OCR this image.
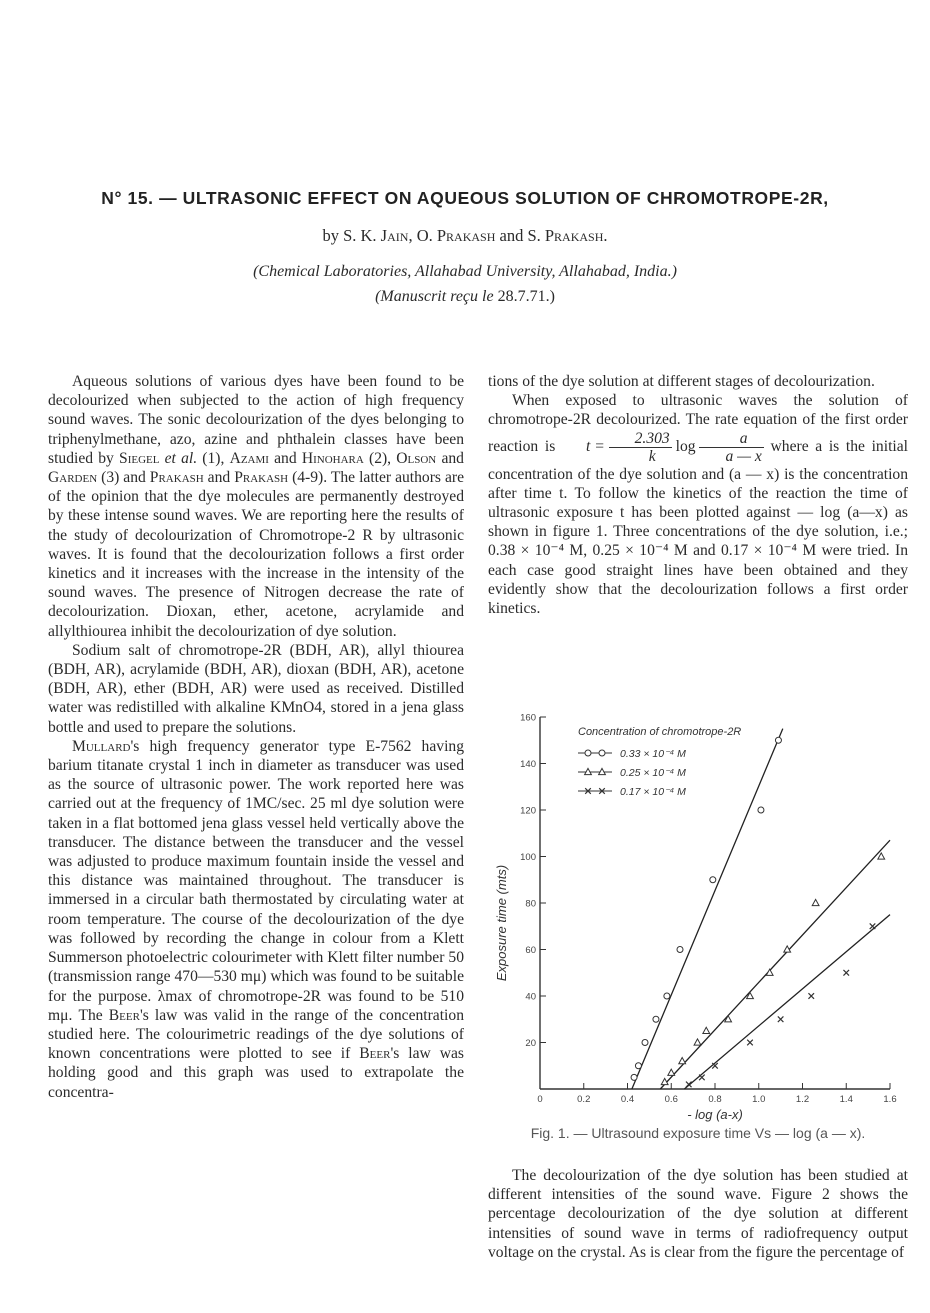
N° 15. — ULTRASONIC EFFECT ON AQUEOUS SOLUTION OF CHROMOTROPE-2R,
by S. K. Jain, O. Prakash and S. Prakash.
(Chemical Laboratories, Allahabad University, Allahabad, India.)
(Manuscrit reçu le 28.7.71.)

Aqueous solutions of various dyes have been found to be decolourized when subjected to the action of high frequency sound waves. The sonic decolourization of the dyes belonging to triphenylmethane, azo, azine and phthalein classes have been studied by Siegel et al. (1), Azami and Hinohara (2), Olson and Garden (3) and Prakash and Prakash (4-9). The latter authors are of the opinion that the dye molecules are permanently destroyed by these intense sound waves. We are reporting here the results of the study of decolourization of Chromotrope-2 R by ultrasonic waves. It is found that the decolourization follows a first order kinetics and it increases with the increase in the intensity of the sound waves. The presence of Nitrogen decrease the rate of decolourization. Dioxan, ether, acetone, acrylamide and allylthiourea inhibit the decolourization of dye solution.

Sodium salt of chromotrope-2R (BDH, AR), allyl thiourea (BDH, AR), acrylamide (BDH, AR), dioxan (BDH, AR), acetone (BDH, AR), ether (BDH, AR) were used as received. Distilled water was redistilled with alkaline KMnO4, stored in a jena glass bottle and used to prepare the solutions.

Mullard's high frequency generator type E-7562 having barium titanate crystal 1 inch in diameter as transducer was used as the source of ultrasonic power. The work reported here was carried out at the frequency of 1MC/sec. 25 ml dye solution were taken in a flat bottomed jena glass vessel held vertically above the transducer. The distance between the transducer and the vessel was adjusted to produce maximum fountain inside the vessel and this distance was maintained throughout. The transducer is immersed in a circular bath thermostated by circulating water at room temperature. The course of the decolourization of the dye was followed by recording the change in colour from a Klett Summerson photoelectric colourimeter with Klett filter number 50 (transmission range 470—530 mμ) which was found to be suitable for the purpose. λmax of chromotrope-2R was found to be 510 mμ. The Beer's law was valid in the range of the concentration studied here. The colourimetric readings of the dye solutions of known concentrations were plotted to see if Beer's law was holding good and this graph was used to extrapolate the concentra-

tions of the dye solution at different stages of decolourization.

When exposed to ultrasonic waves the solution of chromotrope-2R decolourized. The rate equation of the first order reaction is $t = \frac{2.303}{k}$ $\log \frac{a}{a — x}$ where a is the initial concentration of the dye solution and (a — x) is the concentration after time t. To follow the kinetics of the reaction the time of ultrasonic exposure t has been plotted against — log (a—x) as shown in figure 1. Three concentrations of the dye solution, i.e.; 0.38 × 10⁻⁴ M, 0.25 × 10⁻⁴ M and 0.17 × 10⁻⁴ M were tried. In each case good straight lines have been obtained and they evidently show that the decolourization follows a first order kinetics.

0	0.2	0.4	0.6	0.8	1.0	1.2	1.4	1.6
20
40
60
80
100
120
140
160
- log (a-x)
Exposure time (mts)
Concentration of chromotrope-2R
0.33 × 10⁻⁴ M
0.25 × 10⁻⁴ M
0.17 × 10⁻⁴ M
Fig. 1. — Ultrasound exposure time Vs — log (a — x).

The decolourization of the dye solution has been studied at different intensities of the sound wave. Figure 2 shows the percentage decolourization of the dye solution at different intensities of sound wave in terms of radiofrequency output voltage on the crystal. As is clear from the figure the percentage of
